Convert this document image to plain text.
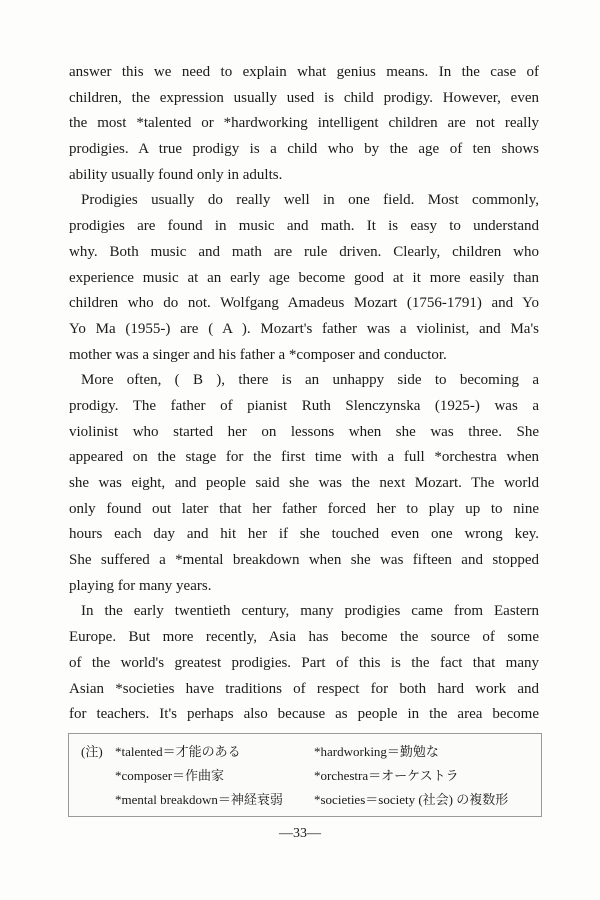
answer this we need to explain what genius means. In the case of
children, the expression usually used is child prodigy. However, even
the most *talented or *hardworking intelligent children are not really
prodigies. A true prodigy is a child who by the age of ten shows
ability usually found only in adults.
Prodigies usually do really well in one field. Most commonly,
prodigies are found in music and math. It is easy to understand
why. Both music and math are rule driven. Clearly, children who
experience music at an early age become good at it more easily than
children who do not. Wolfgang Amadeus Mozart (1756-1791) and Yo
Yo Ma (1955-) are ( A ). Mozart's father was a violinist, and Ma's
mother was a singer and his father a *composer and conductor.
More often, ( B ), there is an unhappy side to becoming a
prodigy. The father of pianist Ruth Slenczynska (1925-) was a
violinist who started her on lessons when she was three. She
appeared on the stage for the first time with a full *orchestra when
she was eight, and people said she was the next Mozart. The world
only found out later that her father forced her to play up to nine
hours each day and hit her if she touched even one wrong key.
She suffered a *mental breakdown when she was fifteen and stopped
playing for many years.
In the early twentieth century, many prodigies came from Eastern
Europe. But more recently, Asia has become the source of some
of the world's greatest prodigies. Part of this is the fact that many
Asian *societies have traditions of respect for both hard work and
for teachers. It's perhaps also because as people in the area become
(注) *talented＝才能のある	*hardworking＝勤勉な
*composer＝作曲家	*orchestra＝オーケストラ
*mental breakdown＝神経衰弱 *societies＝society (社会) の複数形
—33—
